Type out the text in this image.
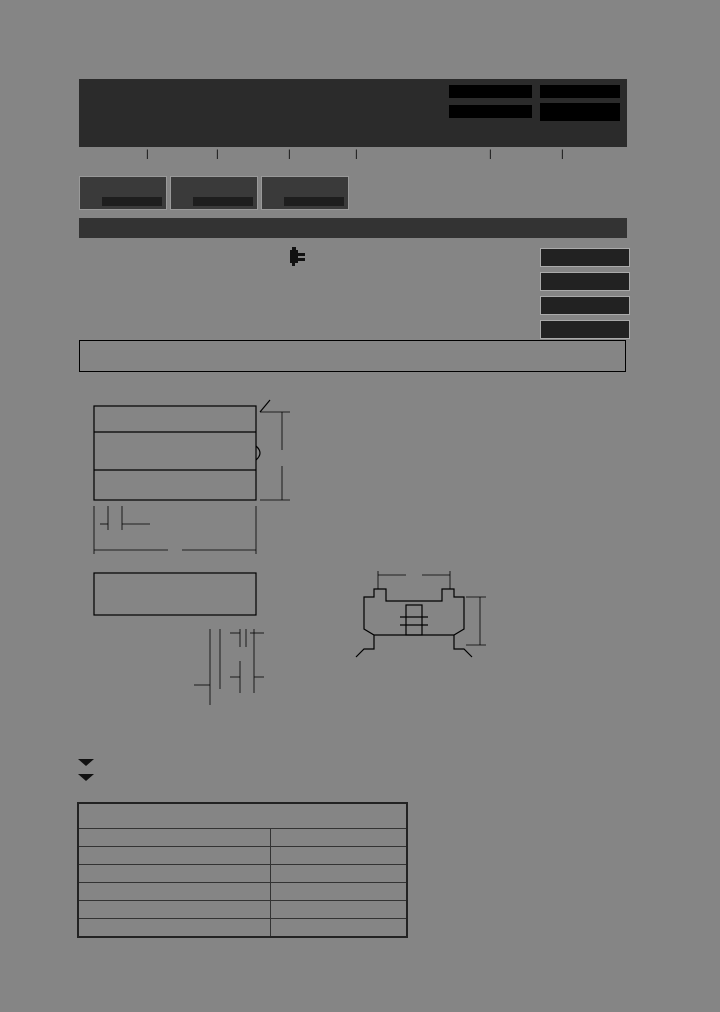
|	|	|	|	|	|
